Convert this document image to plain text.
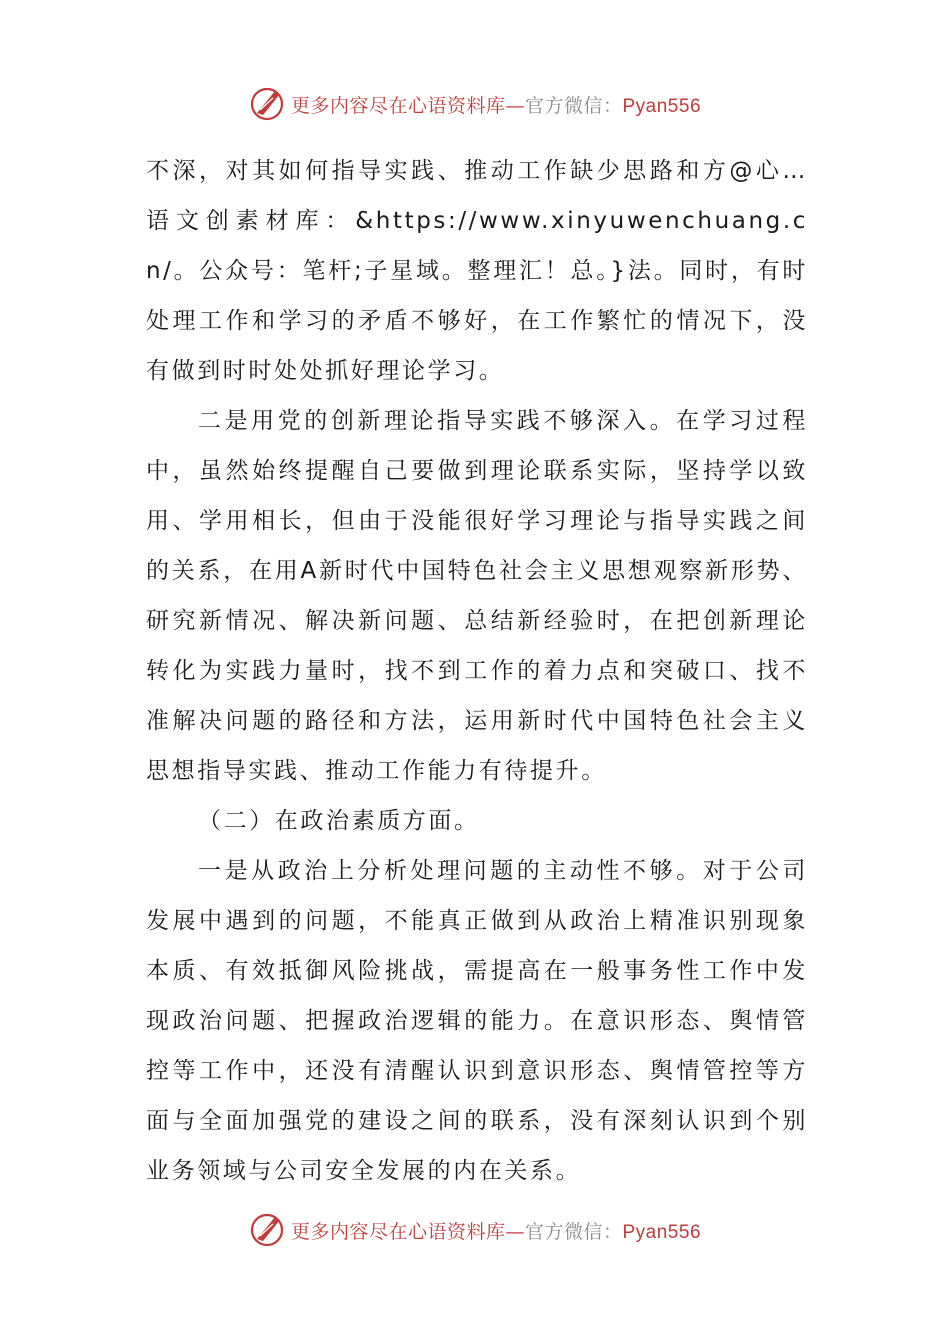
更多内容尽在心语资料库—官方微信：Pyan556

不深，对其如何指导实践、推动工作缺少思路和方@心…语文创素材库：&https://www.xinyuwenchuang.cn/。公众号：笔杆;子星域。整理汇！总。}法。同时，有时处理工作和学习的矛盾不够好，在工作繁忙的情况下，没有做到时时处处抓好理论学习。

二是用党的创新理论指导实践不够深入。在学习过程中，虽然始终提醒自己要做到理论联系实际，坚持学以致用、学用相长，但由于没能很好学习理论与指导实践之间的关系，在用A新时代中国特色社会主义思想观察新形势、研究新情况、解决新问题、总结新经验时，在把创新理论转化为实践力量时，找不到工作的着力点和突破口、找不准解决问题的路径和方法，运用新时代中国特色社会主义思想指导实践、推动工作能力有待提升。

（二）在政治素质方面。

一是从政治上分析处理问题的主动性不够。对于公司发展中遇到的问题，不能真正做到从政治上精准识别现象本质、有效抵御风险挑战，需提高在一般事务性工作中发现政治问题、把握政治逻辑的能力。在意识形态、舆情管控等工作中，还没有清醒认识到意识形态、舆情管控等方面与全面加强党的建设之间的联系，没有深刻认识到个别业务领域与公司安全发展的内在关系。

更多内容尽在心语资料库—官方微信：Pyan556
